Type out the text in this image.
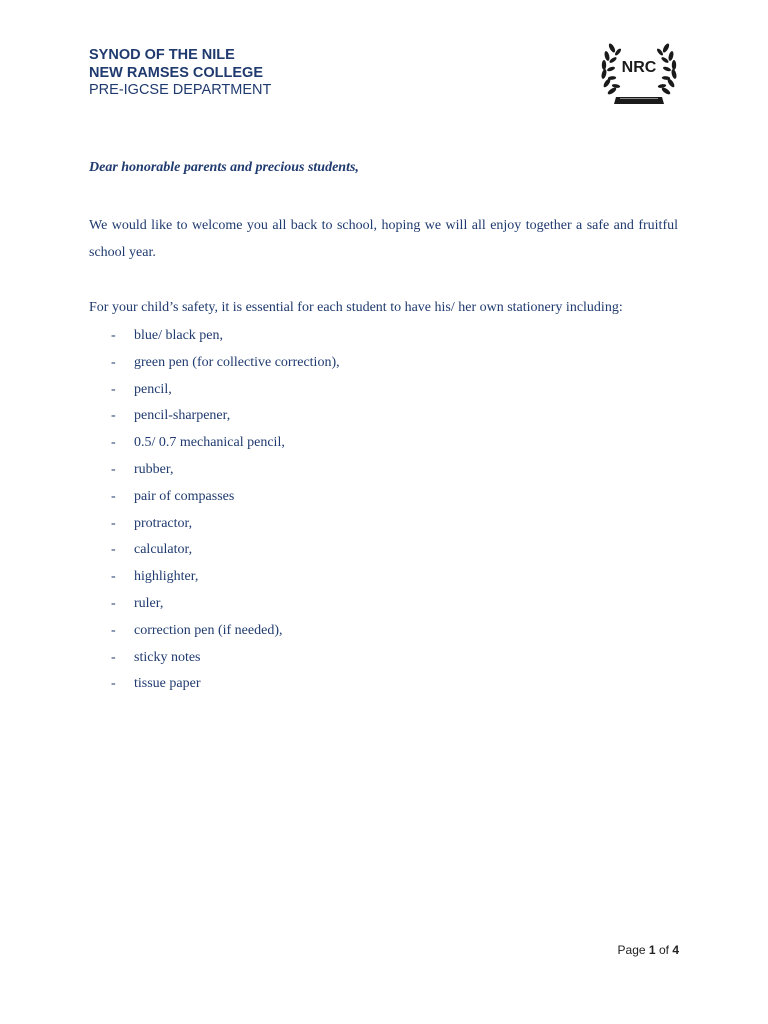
SYNOD OF THE NILE
NEW RAMSES COLLEGE
PRE-IGCSE DEPARTMENT
NRC
Dear honorable parents and precious students,
We would like to welcome you all back to school, hoping we will all enjoy together a safe and fruitful school year.
For your child’s safety, it is essential for each student to have his/ her own stationery including:
- blue/ black pen,
- green pen (for collective correction),
- pencil,
- pencil-sharpener,
- 0.5/ 0.7 mechanical pencil,
- rubber,
- pair of compasses
- protractor,
- calculator,
- highlighter,
- ruler,
- correction pen (if needed),
- sticky notes
- tissue paper
Page 1 of 4
